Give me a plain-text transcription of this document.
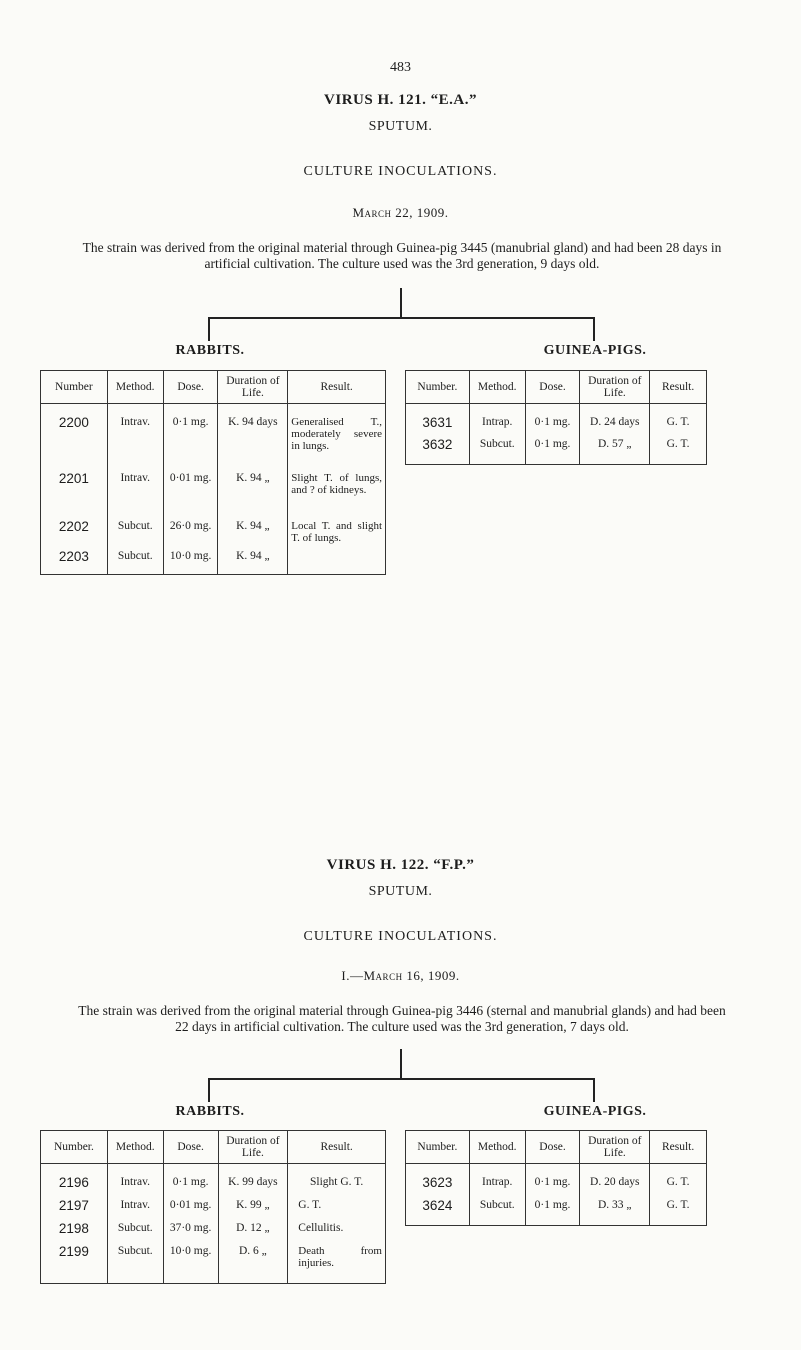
483
VIRUS H. 121. “E.A.”
SPUTUM.
CULTURE INOCULATIONS.
March 22, 1909.
The strain was derived from the original material through Guinea-pig 3445 (manubrial gland) and had been 28 days in artificial cultivation. The culture used was the 3rd generation, 9 days old.
RABBITS.	GUINEA-PIGS.
Number	Method.	Dose.	Duration of Life.	Result.

2200	Intrav.	0·1 mg.	K. 94 days	Generalised T., moderately severe in lungs.
2201	Intrav.	0·01 mg.	K. 94 „	Slight T. of lungs, and ? of kidneys.
2202	Subcut.	26·0 mg.	K. 94 „	Local T. and slight T. of lungs.
2203	Subcut.	10·0 mg.	K. 94 „	
Number.	Method.	Dose.	Duration of Life.	Result.

3631	Intrap.	0·1 mg.	D. 24 days	G. T.
3632	Subcut.	0·1 mg.	D. 57 „	G. T.
VIRUS H. 122. “F.P.”
SPUTUM.
CULTURE INOCULATIONS.
I.—March 16, 1909.
The strain was derived from the original material through Guinea-pig 3446 (sternal and manubrial glands) and had been 22 days in artificial cultivation. The culture used was the 3rd generation, 7 days old.
RABBITS.	GUINEA-PIGS.
Number.	Method.	Dose.	Duration of Life.	Result.

2196	Intrav.	0·1 mg.	K. 99 days	Slight G. T.
2197	Intrav.	0·01 mg.	K. 99 „	G. T.
2198	Subcut.	37·0 mg.	D. 12 „	Cellulitis.
2199	Subcut.	10·0 mg.	D. 6 „	Death from injuries.
Number.	Method.	Dose.	Duration of Life.	Result.

3623	Intrap.	0·1 mg.	D. 20 days	G. T.
3624	Subcut.	0·1 mg.	D. 33 „	G. T.
